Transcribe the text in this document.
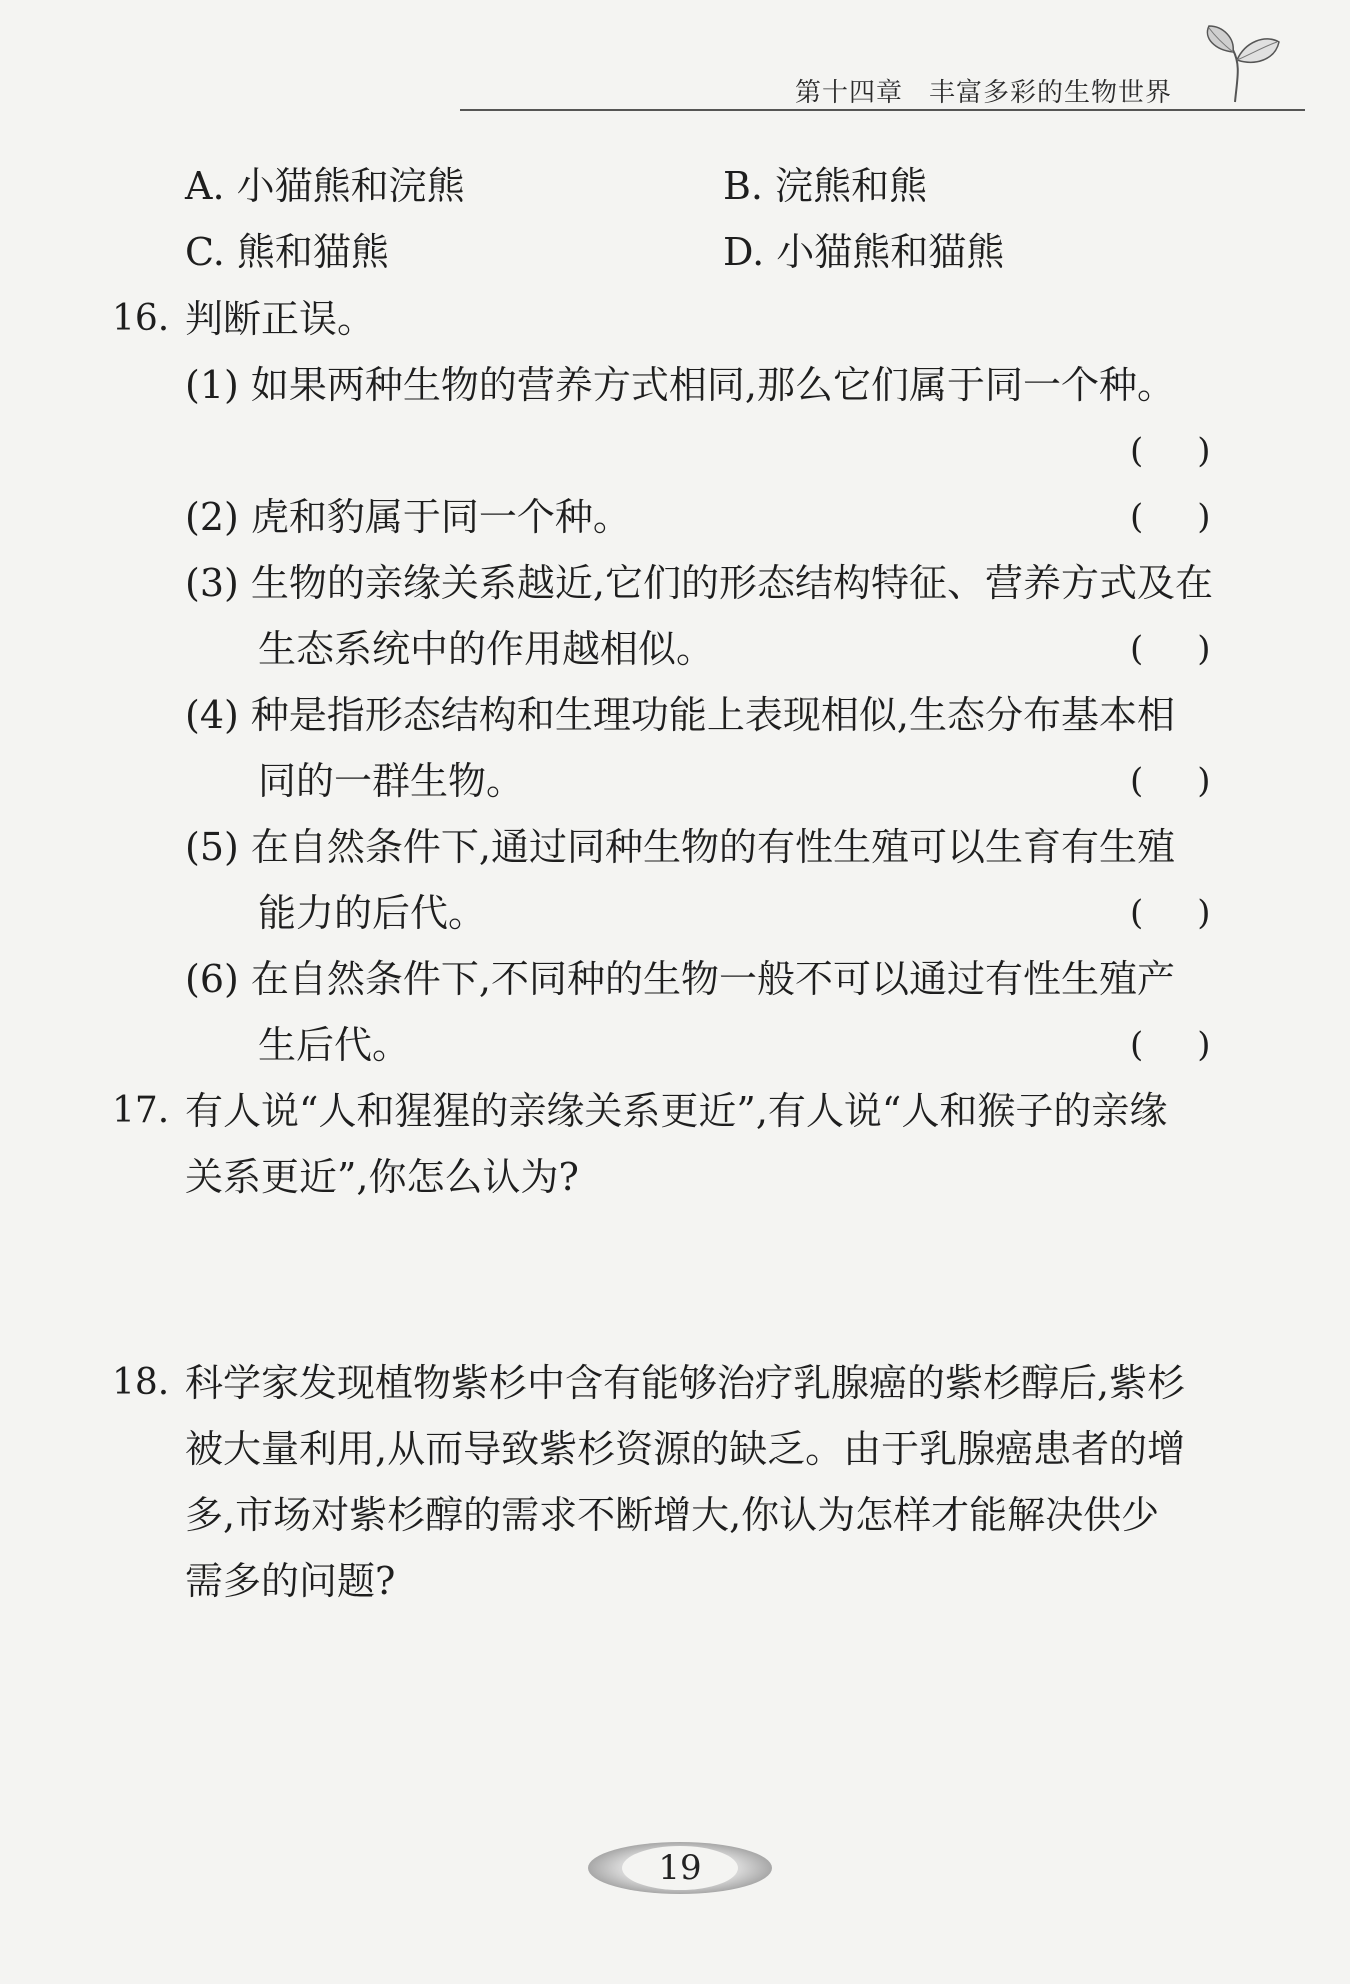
第十四章 丰富多彩的生物世界
A. 小猫熊和浣熊	B. 浣熊和熊
C. 熊和猫熊	D. 小猫熊和猫熊
16. 判断正误。
(1) 如果两种生物的营养方式相同,那么它们属于同一个种。
(     )
(2) 虎和豹属于同一个种。	(     )
(3) 生物的亲缘关系越近,它们的形态结构特征、营养方式及在
生态系统中的作用越相似。	(     )
(4) 种是指形态结构和生理功能上表现相似,生态分布基本相
同的一群生物。	(     )
(5) 在自然条件下,通过同种生物的有性生殖可以生育有生殖
能力的后代。	(     )
(6) 在自然条件下,不同种的生物一般不可以通过有性生殖产
生后代。	(     )
17. 有人说“人和猩猩的亲缘关系更近”,有人说“人和猴子的亲缘
关系更近”,你怎么认为?
18. 科学家发现植物紫杉中含有能够治疗乳腺癌的紫杉醇后,紫杉
被大量利用,从而导致紫杉资源的缺乏。由于乳腺癌患者的增
多,市场对紫杉醇的需求不断增大,你认为怎样才能解决供少
需多的问题?
19
